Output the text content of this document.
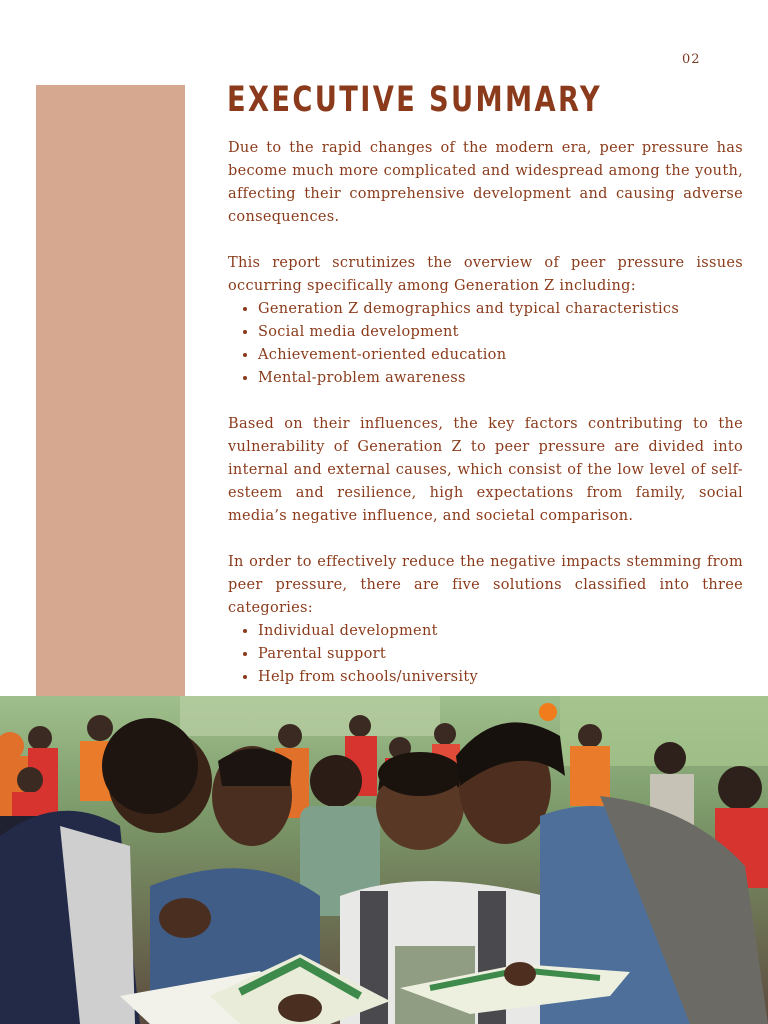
02
EXECUTIVE SUMMARY

Due to the rapid changes of the modern era, peer pressure has become much more complicated and widespread among the youth, affecting their comprehensive development and causing adverse consequences.

This report scrutinizes the overview of peer pressure issues occurring specifically among Generation Z including:

• Generation Z demographics and typical characteristics
• Social media development
• Achievement-oriented education
• Mental-problem awareness

Based on their influences, the key factors contributing to the vulnerability of Generation Z to peer pressure are divided into internal and external causes, which consist of the low level of self-esteem and resilience, high expectations from family, social media’s negative influence, and societal comparison.

In order to effectively reduce the negative impacts stemming from peer pressure, there are five solutions classified into three categories:

• Individual development
• Parental support
• Help from schools/university
